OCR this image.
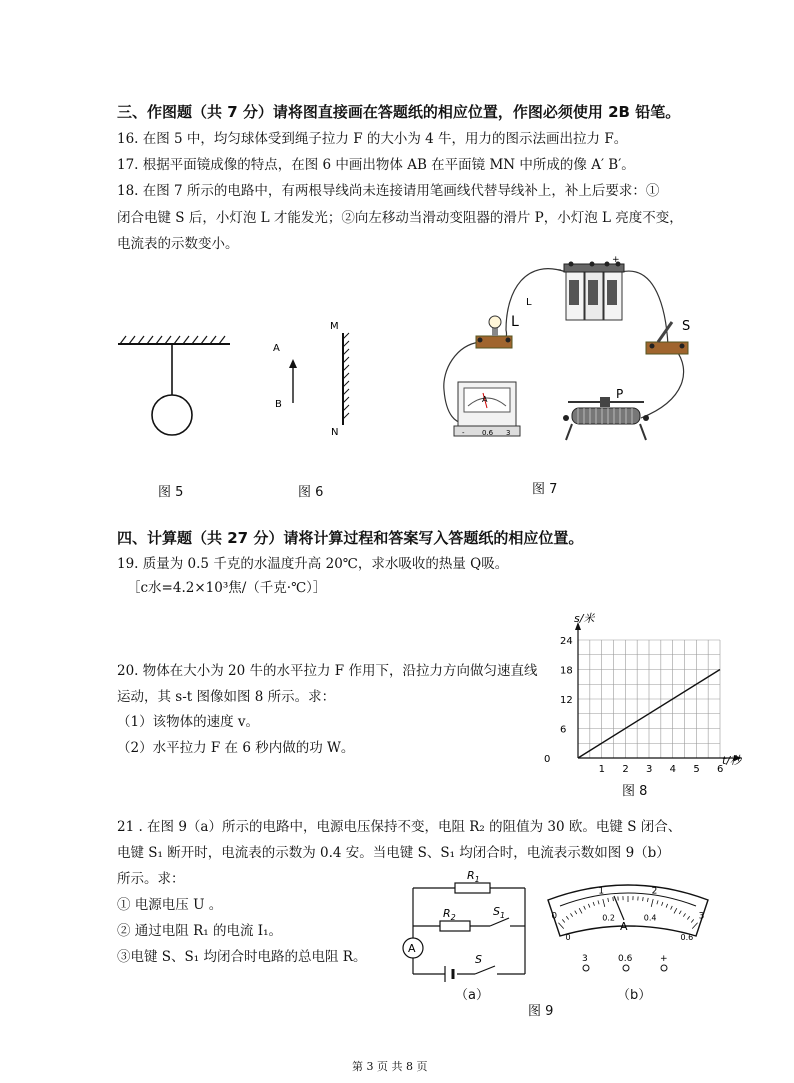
三、作图题（共 7 分）请将图直接画在答题纸的相应位置，作图必须使用 2B 铅笔。
16. 在图 5 中，均匀球体受到绳子拉力 F 的大小为 4 牛，用力的图示法画出拉力 F。
17. 根据平面镜成像的特点，在图 6 中画出物体 AB 在平面镜 MN 中所成的像 A′ B′。
18. 在图 7 所示的电路中，有两根导线尚未连接请用笔画线代替导线补上，补上后要求：①
闭合电键 S 后，小灯泡 L 才能发光；②向左移动当滑动变阻器的滑片 P，小灯泡 L 亮度不变，
电流表的示数变小。
图 5
A
B
M
N
图 6
-
+
L
L	S
A
- 0.6 3
P
图 7
四、计算题（共 27 分）请将计算过程和答案写入答题纸的相应位置。
19. 质量为 0.5 千克的水温度升高 20℃，求水吸收的热量 Q吸。
［c水=4.2×10³焦/（千克·℃）］
20. 物体在大小为 20 牛的水平拉力 F 作用下，沿拉力方向做匀速直线
运动，其 s-t 图像如图 8 所示。求：
（1）该物体的速度 v。
（2）水平拉力 F 在 6 秒内做的功 W。
1 2 3 4 5 6
6
12
18
24
s/米
t/秒
0
图 8
21 . 在图 9（a）所示的电路中，电源电压保持不变，电阻 R₂ 的阻值为 30 欧。电键 S 闭合、
电键 S₁ 断开时，电流表的示数为 0.4 安。当电键 S、S₁ 均闭合时，电流表示数如图 9（b）
所示。求：
① 电源电压 U 。
② 通过电阻 R₁ 的电流 I₁。
③电键 S、S₁ 均闭合时电路的总电阻 R。
A
$R_1$
$R_2$	$S_1$
S
（a）
0
1	2
3
0
0.2	0.4
0.6
A
3	0.6	+
（b）
图 9
第 3 页 共 8 页
